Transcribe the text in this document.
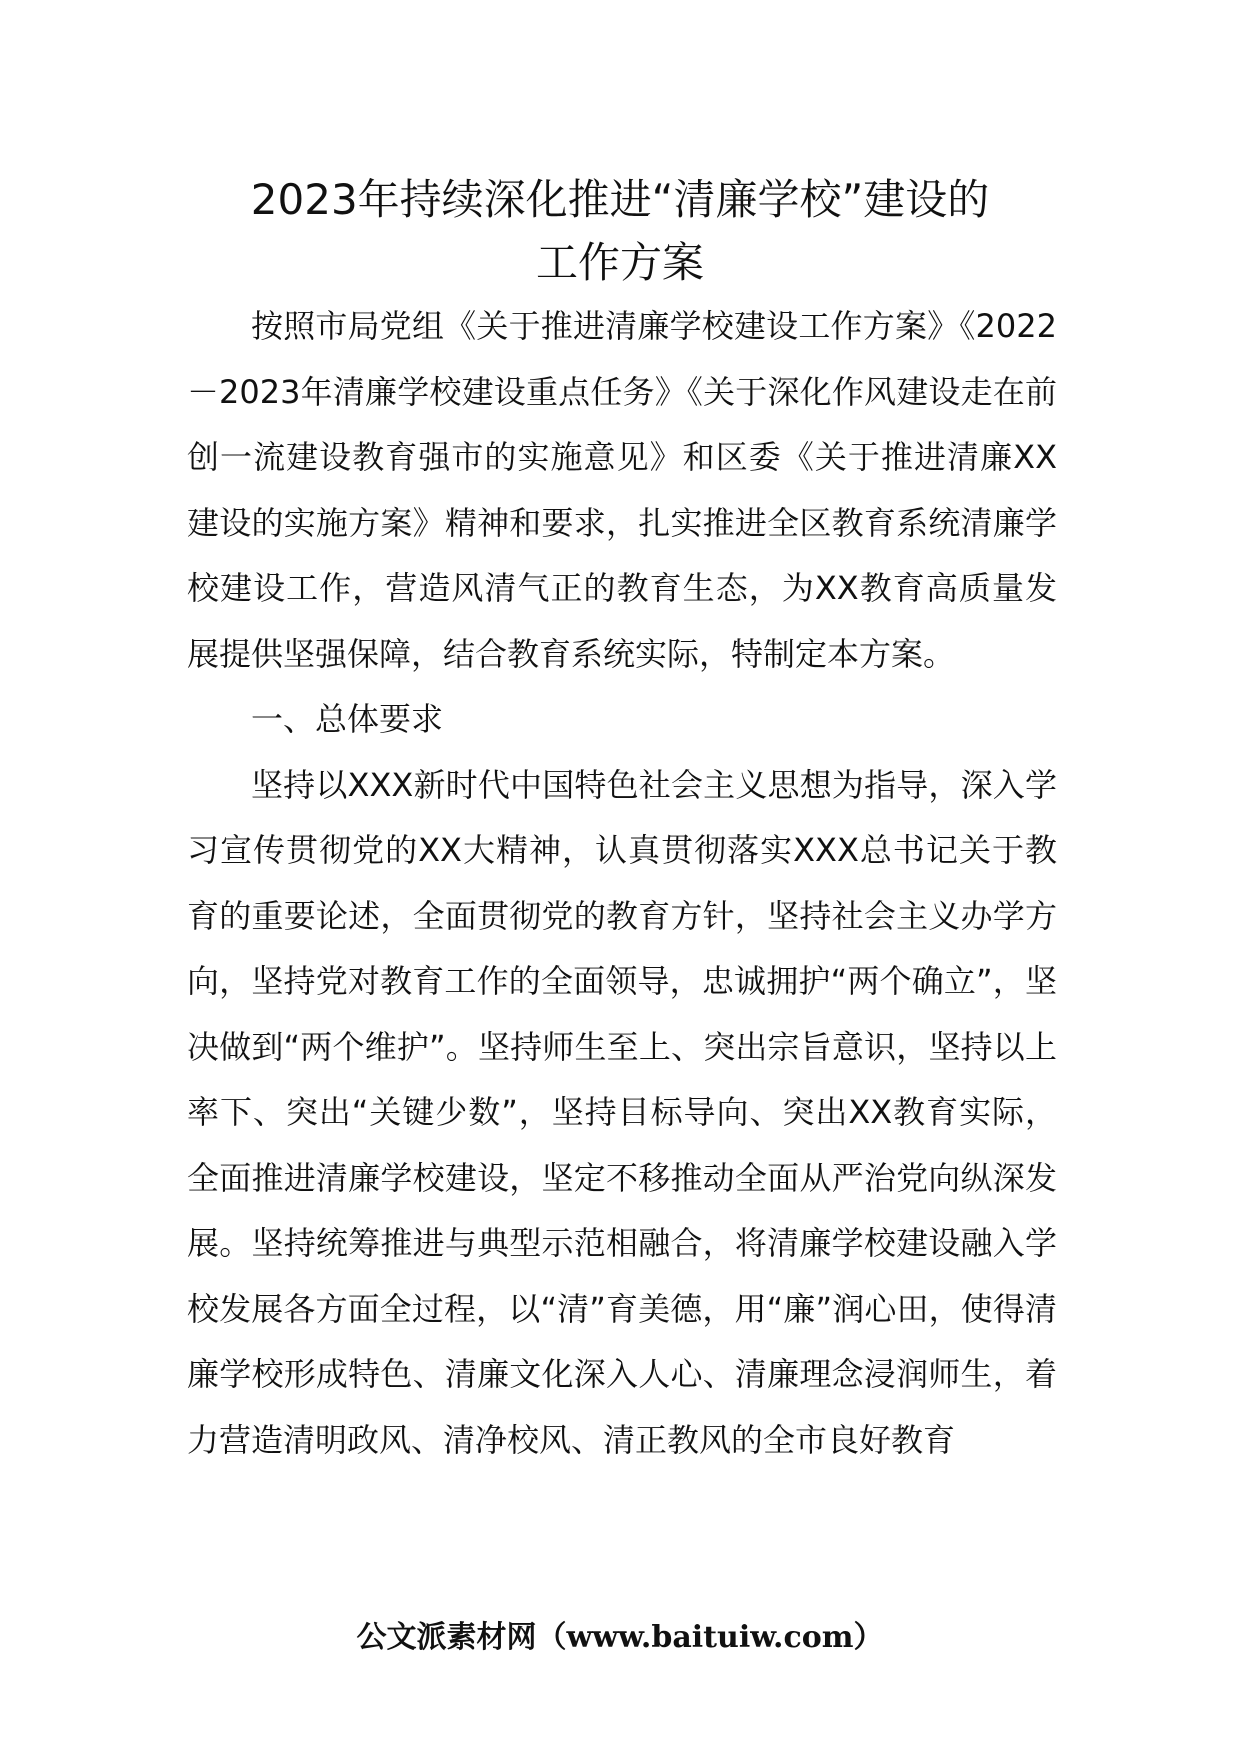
2023年持续深化推进“清廉学校”建设的
工作方案

按照市局党组《关于推进清廉学校建设工作方案》《2022－2023年清廉学校建设重点任务》《关于深化作风建设走在前创一流建设教育强市的实施意见》和区委《关于推进清廉XX建设的实施方案》精神和要求，扎实推进全区教育系统清廉学校建设工作，营造风清气正的教育生态，为XX教育高质量发展提供坚强保障，结合教育系统实际，特制定本方案。

一、总体要求

坚持以XXX新时代中国特色社会主义思想为指导，深入学习宣传贯彻党的XX大精神，认真贯彻落实XXX总书记关于教育的重要论述，全面贯彻党的教育方针，坚持社会主义办学方向，坚持党对教育工作的全面领导，忠诚拥护“两个确立”，坚决做到“两个维护”。坚持师生至上、突出宗旨意识，坚持以上率下、突出“关键少数”，坚持目标导向、突出XX教育实际，全面推进清廉学校建设，坚定不移推动全面从严治党向纵深发展。坚持统筹推进与典型示范相融合，将清廉学校建设融入学校发展各方面全过程，以“清”育美德，用“廉”润心田，使得清廉学校形成特色、清廉文化深入人心、清廉理念浸润师生，着力营造清明政风、清净校风、清正教风的全市良好教育

公文派素材网（www.baituiw.com）
